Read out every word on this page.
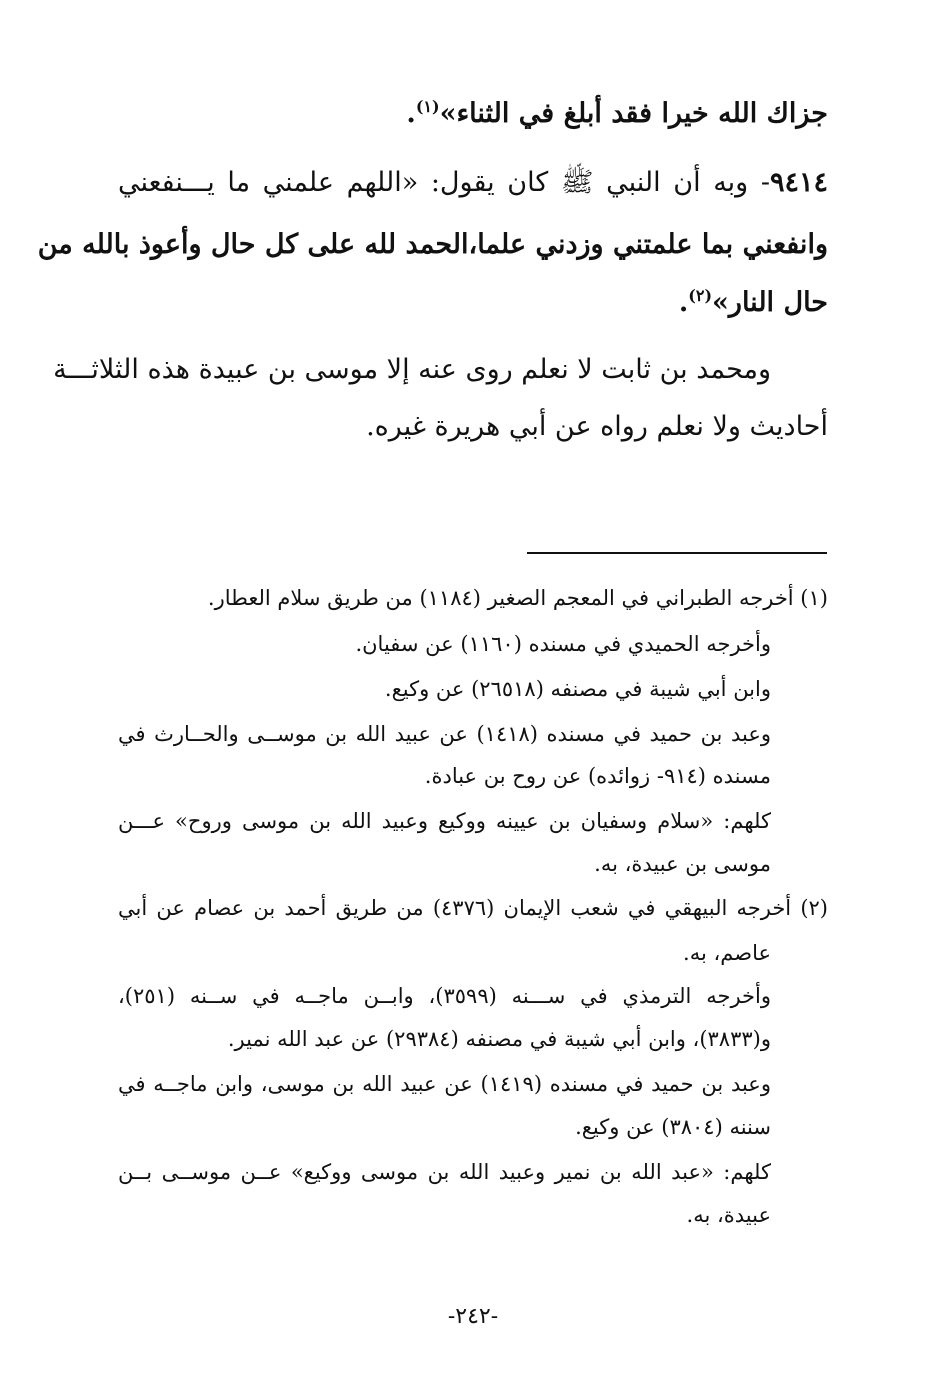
جزاك الله خيرا فقد أبلغ في الثناء»$^{(١)}$.
٩٤١٤- وبه أن النبي ﷺ كان يقول: «اللهم علمني ما يـــنفعني
وانفعني بما علمتني وزدني علما،الحمد لله على كل حال وأعوذ بالله من
حال النار»$^{(٢)}$.
ومحمد بن ثابت لا نعلم روى عنه إلا موسى بن عبيدة هذه الثلاثـــة
أحاديث ولا نعلم رواه عن أبي هريرة غيره.
(١) أخرجه الطبراني في المعجم الصغير (١١٨٤) من طريق سلام العطار.
وأخرجه الحميدي في مسنده (١١٦٠) عن سفيان.
وابن أبي شيبة في مصنفه (٢٦٥١٨) عن وكيع.
وعبد بن حميد في مسنده (١٤١٨) عن عبيد الله بن موســى والحــارث في
مسنده (٩١٤- زوائده) عن روح بن عبادة.
كلهم: «سلام وسفيان بن عيينه ووكيع وعبيد الله بن موسى وروح» عـــن
موسى بن عبيدة، به.
(٢) أخرجه البيهقي في شعب الإيمان (٤٣٧٦) من طريق أحمد بن عصام عن أبي
عاصم، به.
وأخرجه الترمذي في ســـنه (٣٥٩٩)، وابــن ماجــه في ســنه (٢٥١)،
و(٣٨٣٣)، وابن أبي شيبة في مصنفه (٢٩٣٨٤) عن عبد الله نمير.
وعبد بن حميد في مسنده (١٤١٩) عن عبيد الله بن موسى، وابن ماجــه في
سننه (٣٨٠٤) عن وكيع.
كلهم: «عبد الله بن نمير وعبيد الله بن موسى ووكيع» عــن موســى بــن
عبيدة، به.
-٢٤٢-
